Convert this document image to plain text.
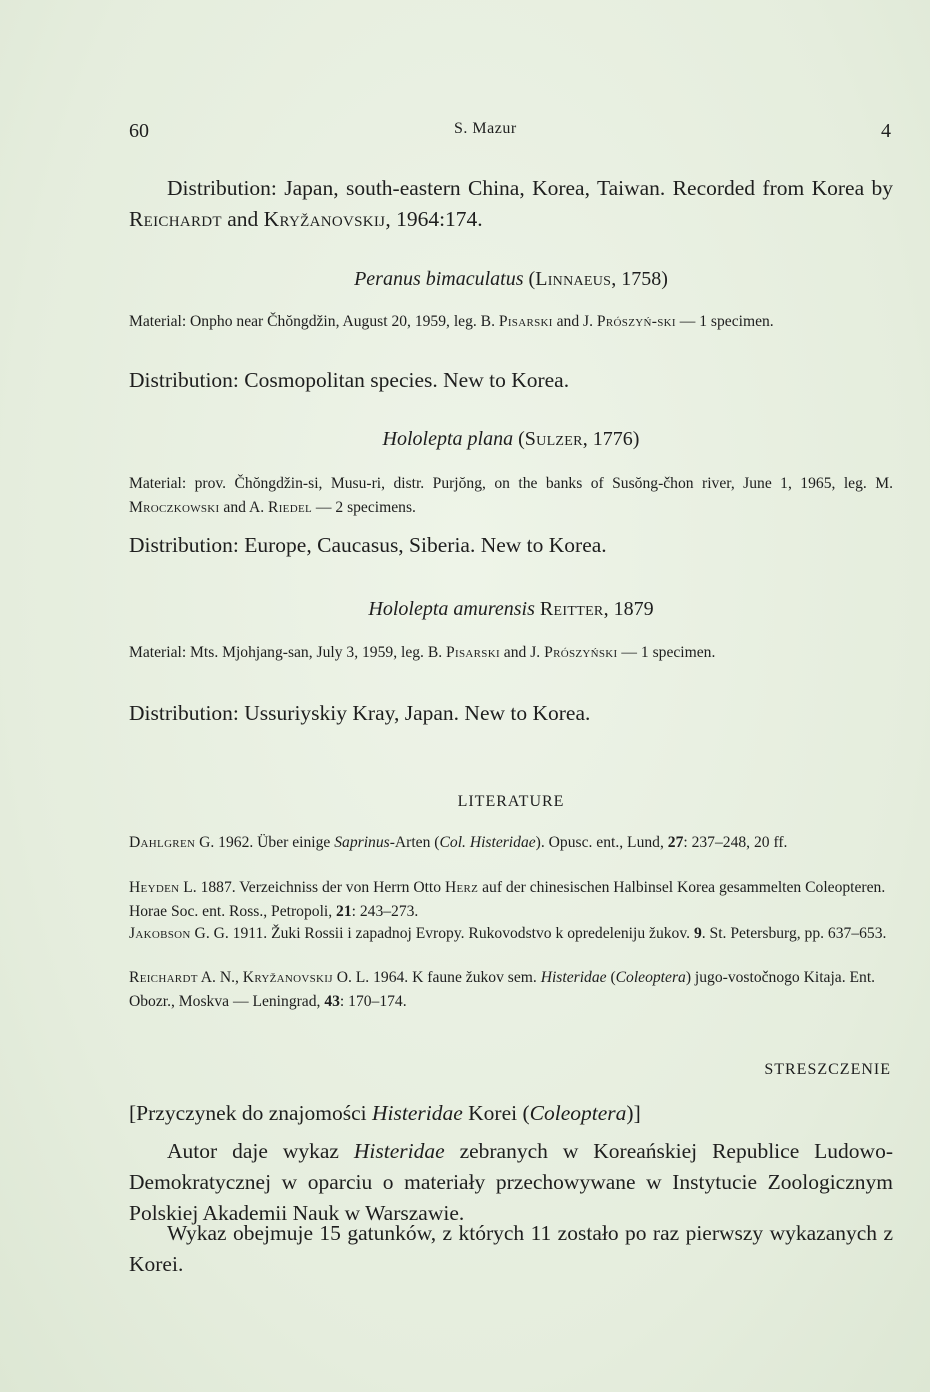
60	S. Mazur	4
Distribution: Japan, south-eastern China, Korea, Taiwan. Recorded from Korea by Reichardt and Kryžanovskij, 1964:174.
Peranus bimaculatus (Linnaeus, 1758)
Material: Onpho near Čhŏngdžin, August 20, 1959, leg. B. Pisarski and J. Prószyń-ski — 1 specimen.
Distribution: Cosmopolitan species. New to Korea.
Hololepta plana (Sulzer, 1776)
Material: prov. Čhŏngdžin-si, Musu-ri, distr. Purjŏng, on the banks of Susŏng-čhon river, June 1, 1965, leg. M. Mroczkowski and A. Riedel — 2 specimens.
Distribution: Europe, Caucasus, Siberia. New to Korea.
Hololepta amurensis Reitter, 1879
Material: Mts. Mjohjang-san, July 3, 1959, leg. B. Pisarski and J. Prószyński — 1 specimen.
Distribution: Ussuriyskiy Kray, Japan. New to Korea.
LITERATURE
Dahlgren G. 1962. Über einige Saprinus-Arten (Col. Histeridae). Opusc. ent., Lund, 27: 237–248, 20 ff.
Heyden L. 1887. Verzeichniss der von Herrn Otto Herz auf der chinesischen Halbinsel Korea gesammelten Coleopteren. Horae Soc. ent. Ross., Petropoli, 21: 243–273.
Jakobson G. G. 1911. Žuki Rossii i zapadnoj Evropy. Rukovodstvo k opredeleniju žukov. 9. St. Petersburg, pp. 637–653.
Reichardt A. N., Kryžanovskij O. L. 1964. K faune žukov sem. Histeridae (Coleoptera) jugo-vostočnogo Kitaja. Ent. Obozr., Moskva — Leningrad, 43: 170–174.
STRESZCZENIE
[Przyczynek do znajomości Histeridae Korei (Coleoptera)]
Autor daje wykaz Histeridae zebranych w Koreańskiej Republice Ludowo-Demokratycznej w oparciu o materiały przechowywane w Instytucie Zoologicznym Polskiej Akademii Nauk w Warszawie.
Wykaz obejmuje 15 gatunków, z których 11 zostało po raz pierwszy wykazanych z Korei.
